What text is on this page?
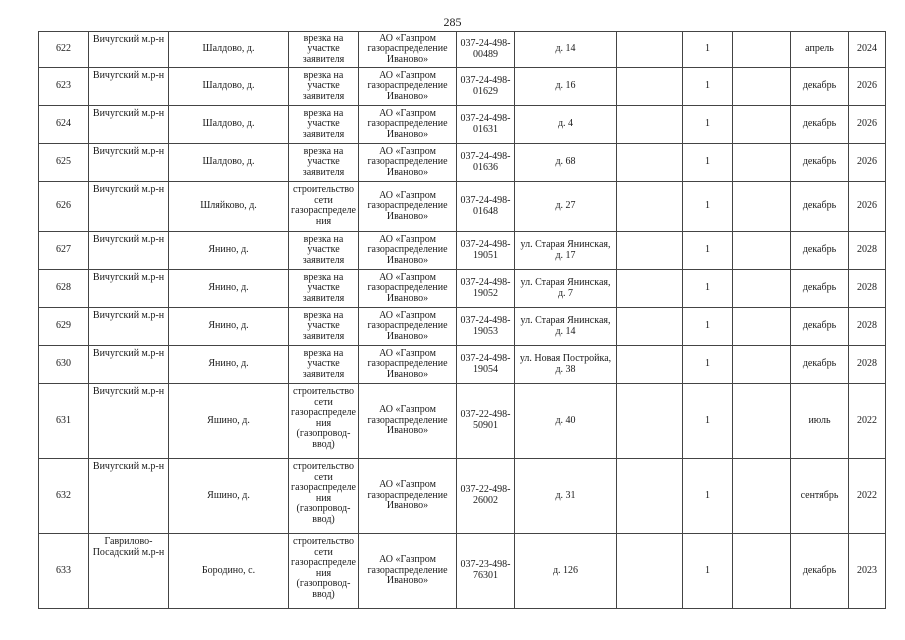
285
622	Вичугский м.р-н	Шалдово, д.	врезка на участке заявителя	АО «Газпром газораспределение Иваново»	037-24-498-00489	д. 14		1		апрель	2024
623	Вичугский м.р-н	Шалдово, д.	врезка на участке заявителя	АО «Газпром газораспределение Иваново»	037-24-498-01629	д. 16		1		декабрь	2026
624	Вичугский м.р-н	Шалдово, д.	врезка на участке заявителя	АО «Газпром газораспределение Иваново»	037-24-498-01631	д. 4		1		декабрь	2026
625	Вичугский м.р-н	Шалдово, д.	врезка на участке заявителя	АО «Газпром газораспределение Иваново»	037-24-498-01636	д. 68		1		декабрь	2026
626	Вичугский м.р-н	Шляйково, д.	строительство сети газораспределения	АО «Газпром газораспределение Иваново»	037-24-498-01648	д. 27		1		декабрь	2026
627	Вичугский м.р-н	Янино, д.	врезка на участке заявителя	АО «Газпром газораспределение Иваново»	037-24-498-19051	ул. Старая Янинская, д. 17		1		декабрь	2028
628	Вичугский м.р-н	Янино, д.	врезка на участке заявителя	АО «Газпром газораспределение Иваново»	037-24-498-19052	ул. Старая Янинская, д. 7		1		декабрь	2028
629	Вичугский м.р-н	Янино, д.	врезка на участке заявителя	АО «Газпром газораспределение Иваново»	037-24-498-19053	ул. Старая Янинская, д. 14		1		декабрь	2028
630	Вичугский м.р-н	Янино, д.	врезка на участке заявителя	АО «Газпром газораспределение Иваново»	037-24-498-19054	ул. Новая Постройка, д. 38		1		декабрь	2028
631	Вичугский м.р-н	Яшино, д.	строительство сети газораспределения (газопровод-ввод)	АО «Газпром газораспределение Иваново»	037-22-498-50901	д. 40		1		июль	2022
632	Вичугский м.р-н	Яшино, д.	строительство сети газораспределения (газопровод-ввод)	АО «Газпром газораспределение Иваново»	037-22-498-26002	д. 31		1		сентябрь	2022
633	Гаврилово-Посадский м.р-н	Бородино, с.	строительство сети газораспределения (газопровод-ввод)	АО «Газпром газораспределение Иваново»	037-23-498-76301	д. 126		1		декабрь	2023
